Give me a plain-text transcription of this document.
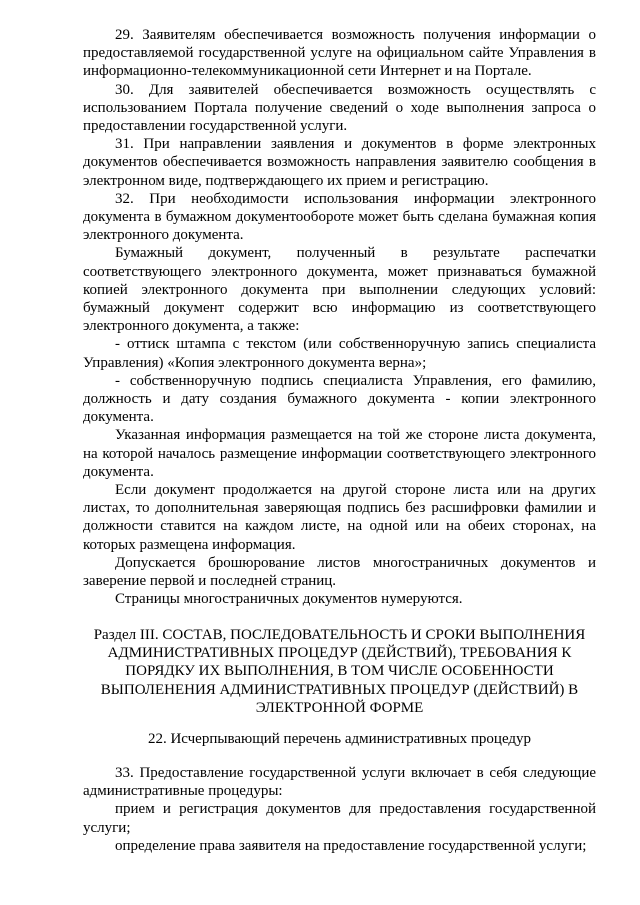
29. Заявителям обеспечивается возможность получения информации о предоставляемой государственной услуге на официальном сайте Управления в информационно-телекоммуникационной сети Интернет и на Портале.

30. Для заявителей обеспечивается возможность осуществлять с использованием Портала получение сведений о ходе выполнения запроса о предоставлении государственной услуги.

31. При направлении заявления и документов в форме электронных документов обеспечивается возможность направления заявителю сообщения в электронном виде, подтверждающего их прием и регистрацию.

32. При необходимости использования информации электронного документа в бумажном документообороте может быть сделана бумажная копия электронного документа.

Бумажный документ, полученный в результате распечатки соответствующего электронного документа, может признаваться бумажной копией электронного документа при выполнении следующих условий: бумажный документ содержит всю информацию из соответствующего электронного документа, а также:

- оттиск штампа с текстом (или собственноручную запись специалиста Управления) «Копия электронного документа верна»;

- собственноручную подпись специалиста Управления, его фамилию, должность и дату создания бумажного документа - копии электронного документа.

Указанная информация размещается на той же стороне листа документа, на которой началось размещение информации соответствующего электронного документа.

Если документ продолжается на другой стороне листа или на других листах, то дополнительная заверяющая подпись без расшифровки фамилии и должности ставится на каждом листе, на одной или на обеих сторонах, на которых размещена информация.

Допускается брошюрование листов многостраничных документов и заверение первой и последней страниц.

Страницы многостраничных документов нумеруются.

Раздел III. СОСТАВ, ПОСЛЕДОВАТЕЛЬНОСТЬ И СРОКИ ВЫПОЛНЕНИЯ АДМИНИСТРАТИВНЫХ ПРОЦЕДУР (ДЕЙСТВИЙ), ТРЕБОВАНИЯ К ПОРЯДКУ ИХ ВЫПОЛНЕНИЯ, В ТОМ ЧИСЛЕ ОСОБЕННОСТИ ВЫПОЛЕНЕНИЯ АДМИНИСТРАТИВНЫХ ПРОЦЕДУР (ДЕЙСТВИЙ) В ЭЛЕКТРОННОЙ ФОРМЕ

22. Исчерпывающий перечень административных процедур

33. Предоставление государственной услуги включает в себя следующие административные процедуры:

прием и регистрация документов для предоставления государственной услуги;

определение права заявителя на предоставление государственной услуги;
